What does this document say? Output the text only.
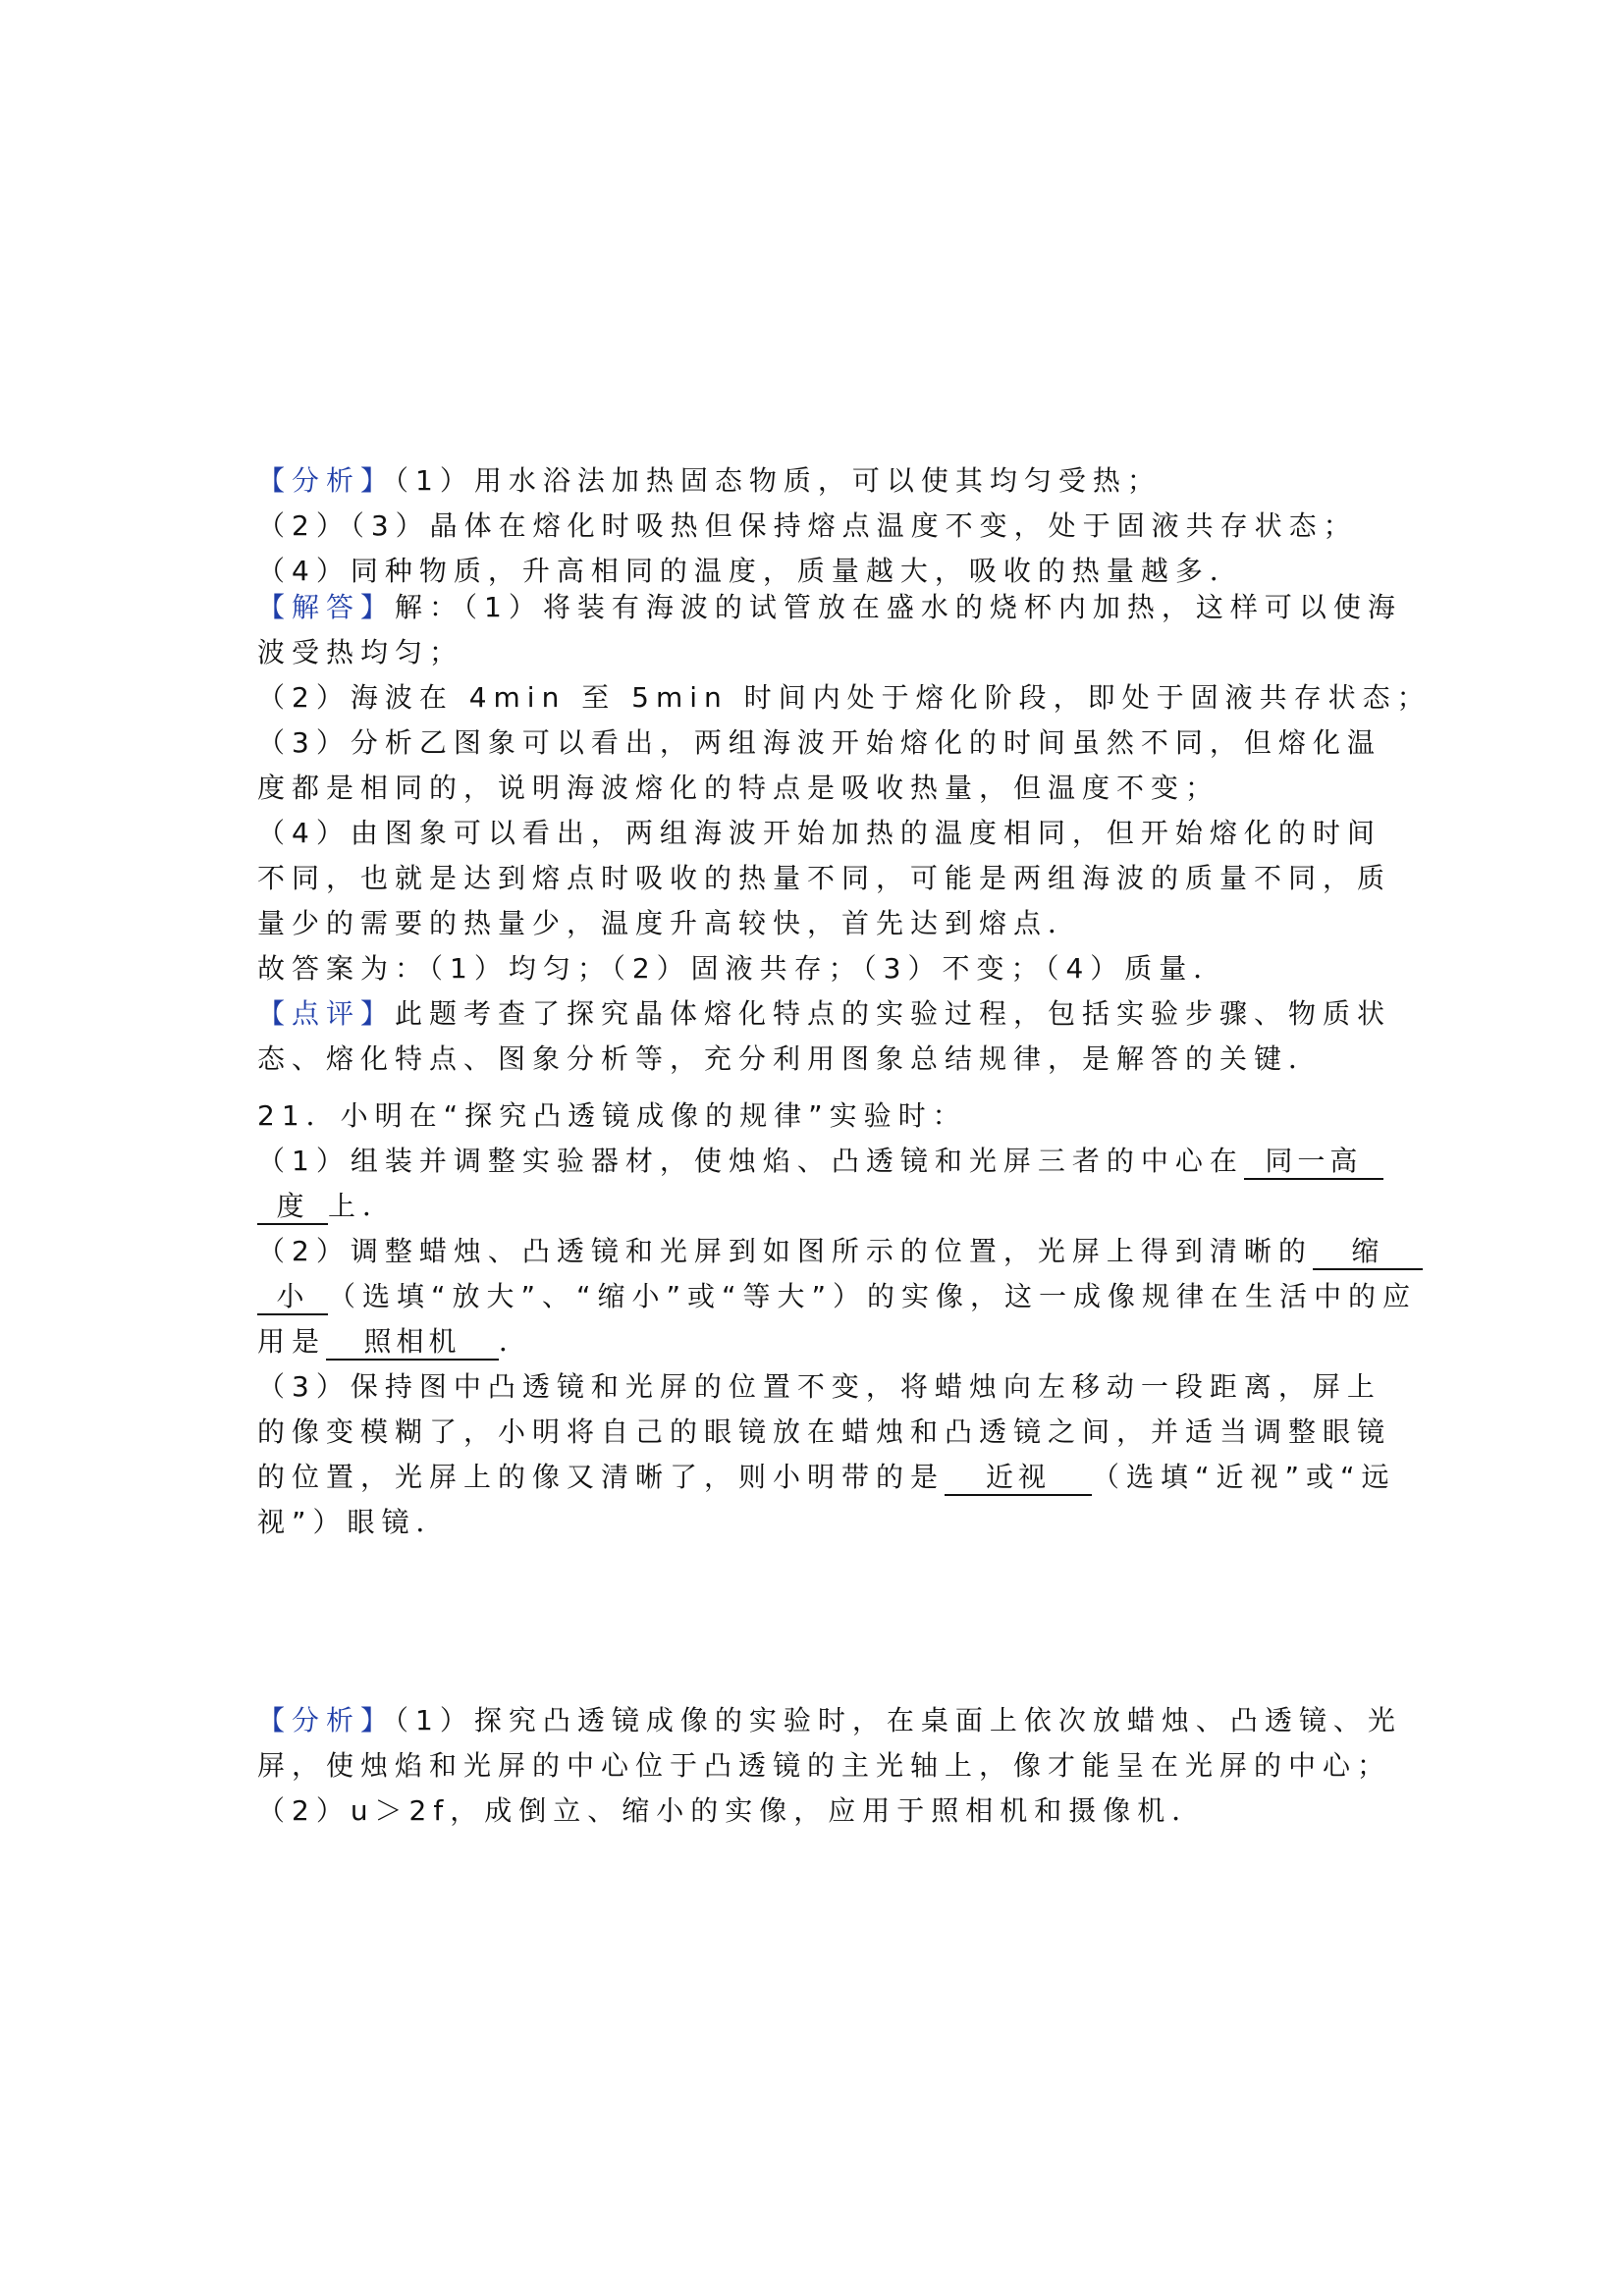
【分析】（1）用水浴法加热固态物质，可以使其均匀受热；
（2）（3）晶体在熔化时吸热但保持熔点温度不变，处于固液共存状态；
（4）同种物质，升高相同的温度，质量越大，吸收的热量越多．
【解答】解：（1）将装有海波的试管放在盛水的烧杯内加热，这样可以使海
波受热均匀；
（2）海波在 4min 至 5min 时间内处于熔化阶段，即处于固液共存状态；
（3）分析乙图象可以看出，两组海波开始熔化的时间虽然不同，但熔化温
度都是相同的，说明海波熔化的特点是吸收热量，但温度不变；
（4）由图象可以看出，两组海波开始加热的温度相同，但开始熔化的时间
不同，也就是达到熔点时吸收的热量不同，可能是两组海波的质量不同，质
量少的需要的热量少，温度升高较快，首先达到熔点．
故答案为：（1）均匀；（2）固液共存；（3）不变；（4）质量．
【点评】此题考查了探究晶体熔化特点的实验过程，包括实验步骤、物质状
态、熔化特点、图象分析等，充分利用图象总结规律，是解答的关键．
21．小明在“探究凸透镜成像的规律”实验时：
（1）组装并调整实验器材，使烛焰、凸透镜和光屏三者的中心在 同一高
度 上．
（2）调整蜡烛、凸透镜和光屏到如图所示的位置，光屏上得到清晰的 缩
小 （选填“放大”、“缩小”或“等大”）的实像，这一成像规律在生活中的应
用是 照相机 ．
（3）保持图中凸透镜和光屏的位置不变，将蜡烛向左移动一段距离，屏上
的像变模糊了，小明将自己的眼镜放在蜡烛和凸透镜之间，并适当调整眼镜
的位置，光屏上的像又清晰了，则小明带的是 近视 （选填“近视”或“远
视”）眼镜．
【分析】（1）探究凸透镜成像的实验时，在桌面上依次放蜡烛、凸透镜、光
屏，使烛焰和光屏的中心位于凸透镜的主光轴上，像才能呈在光屏的中心；
（2）u＞2f，成倒立、缩小的实像，应用于照相机和摄像机．
